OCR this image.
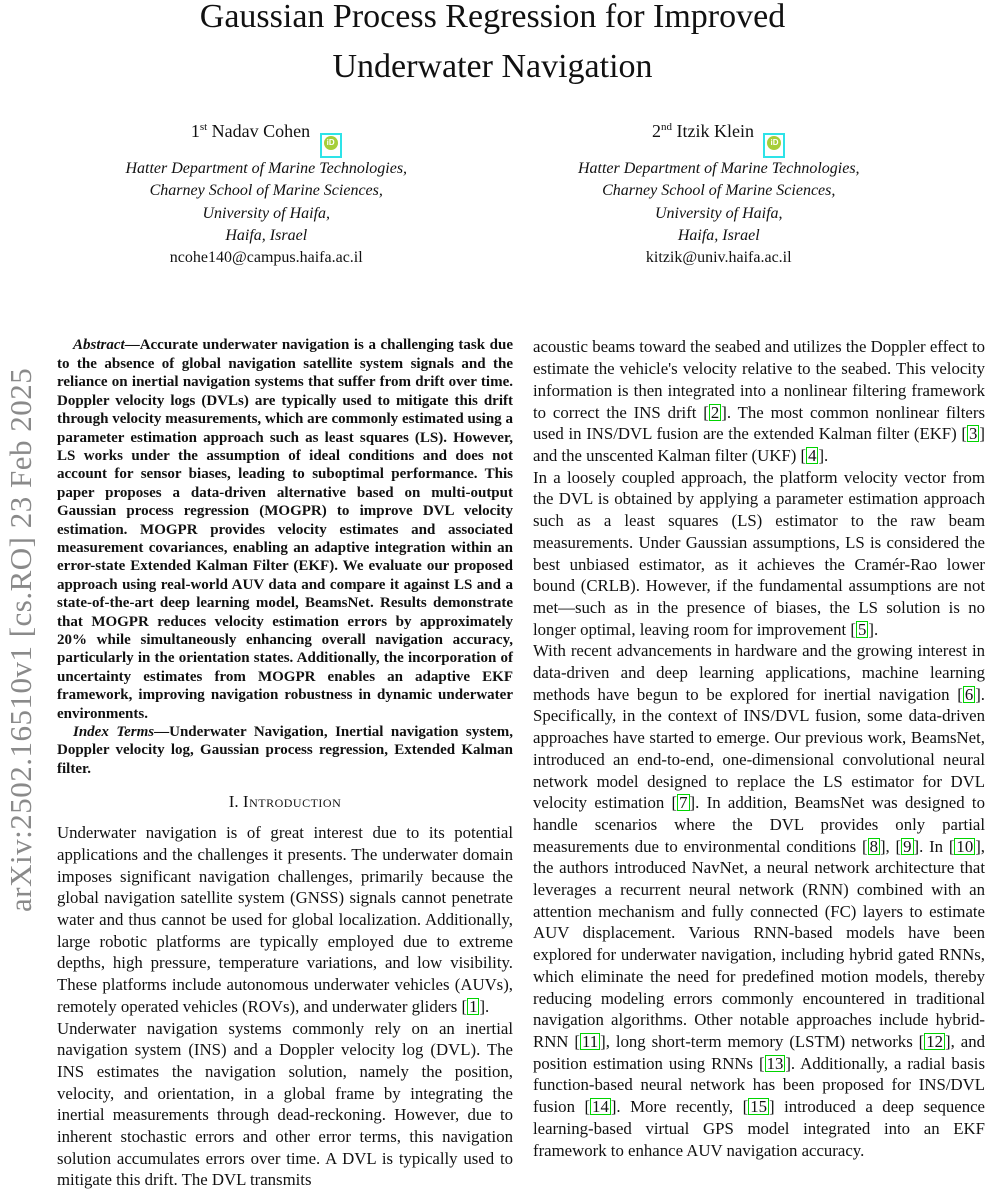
arXiv:2502.16510v1 [cs.RO] 23 Feb 2025
Gaussian Process Regression for Improved
Underwater Navigation
1st Nadav Cohen iD
Hatter Department of Marine Technologies,
Charney School of Marine Sciences,
University of Haifa,
Haifa, Israel
ncohe140@campus.haifa.ac.il
2nd Itzik Klein iD
Hatter Department of Marine Technologies,
Charney School of Marine Sciences,
University of Haifa,
Haifa, Israel
kitzik@univ.haifa.ac.il

Abstract—Accurate underwater navigation is a challenging task due to the absence of global navigation satellite system signals and the reliance on inertial navigation systems that suffer from drift over time. Doppler velocity logs (DVLs) are typically used to mitigate this drift through velocity measurements, which are commonly estimated using a parameter estimation approach such as least squares (LS). However, LS works under the assumption of ideal conditions and does not account for sensor biases, leading to suboptimal performance. This paper proposes a data-driven alternative based on multi-output Gaussian process regression (MOGPR) to improve DVL velocity estimation. MOGPR provides velocity estimates and associated measurement covariances, enabling an adaptive integration within an error-state Extended Kalman Filter (EKF). We evaluate our proposed approach using real-world AUV data and compare it against LS and a state-of-the-art deep learning model, BeamsNet. Results demonstrate that MOGPR reduces velocity estimation errors by approximately 20% while simultaneously enhancing overall navigation accuracy, particularly in the orientation states. Additionally, the incorporation of uncertainty estimates from MOGPR enables an adaptive EKF framework, improving navigation robustness in dynamic underwater environments.

Index Terms—Underwater Navigation, Inertial navigation system, Doppler velocity log, Gaussian process regression, Extended Kalman filter.

I. Introduction

Underwater navigation is of great interest due to its potential applications and the challenges it presents. The underwater domain imposes significant navigation challenges, primarily because the global navigation satellite system (GNSS) signals cannot penetrate water and thus cannot be used for global localization. Additionally, large robotic platforms are typically employed due to extreme depths, high pressure, temperature variations, and low visibility. These platforms include autonomous underwater vehicles (AUVs), remotely operated vehicles (ROVs), and underwater gliders [ 1 ].

Underwater navigation systems commonly rely on an inertial navigation system (INS) and a Doppler velocity log (DVL). The INS estimates the navigation solution, namely the position, velocity, and orientation, in a global frame by integrating the inertial measurements through dead-reckoning. However, due to inherent stochastic errors and other error terms, this navigation solution accumulates errors over time. A DVL is typically used to mitigate this drift. The DVL transmits

acoustic beams toward the seabed and utilizes the Doppler effect to estimate the vehicle's velocity relative to the seabed. This velocity information is then integrated into a nonlinear filtering framework to correct the INS drift [ 2 ]. The most common nonlinear filters used in INS/DVL fusion are the extended Kalman filter (EKF) [ 3 ] and the unscented Kalman filter (UKF) [ 4 ].

In a loosely coupled approach, the platform velocity vector from the DVL is obtained by applying a parameter estimation approach such as a least squares (LS) estimator to the raw beam measurements. Under Gaussian assumptions, LS is considered the best unbiased estimator, as it achieves the Cramér-Rao lower bound (CRLB). However, if the fundamental assumptions are not met—such as in the presence of biases, the LS solution is no longer optimal, leaving room for improvement [ 5 ].

With recent advancements in hardware and the growing interest in data-driven and deep learning applications, machine learning methods have begun to be explored for inertial navigation [ 6 ]. Specifically, in the context of INS/DVL fusion, some data-driven approaches have started to emerge. Our previous work, BeamsNet, introduced an end-to-end, one-dimensional convolutional neural network model designed to replace the LS estimator for DVL velocity estimation [ 7 ]. In addition, BeamsNet was designed to handle scenarios where the DVL provides only partial measurements due to environmental conditions [ 8 ], [ 9 ]. In [ 10 ], the authors introduced NavNet, a neural network architecture that leverages a recurrent neural network (RNN) combined with an attention mechanism and fully connected (FC) layers to estimate AUV displacement. Various RNN-based models have been explored for underwater navigation, including hybrid gated RNNs, which eliminate the need for predefined motion models, thereby reducing modeling errors commonly encountered in traditional navigation algorithms. Other notable approaches include hybrid-RNN [ 11 ], long short-term memory (LSTM) networks [ 12 ], and position estimation using RNNs [ 13 ]. Additionally, a radial basis function-based neural network has been proposed for INS/DVL fusion [ 14 ]. More recently, [ 15 ] introduced a deep sequence learning-based virtual GPS model integrated into an EKF framework to enhance AUV navigation accuracy.
